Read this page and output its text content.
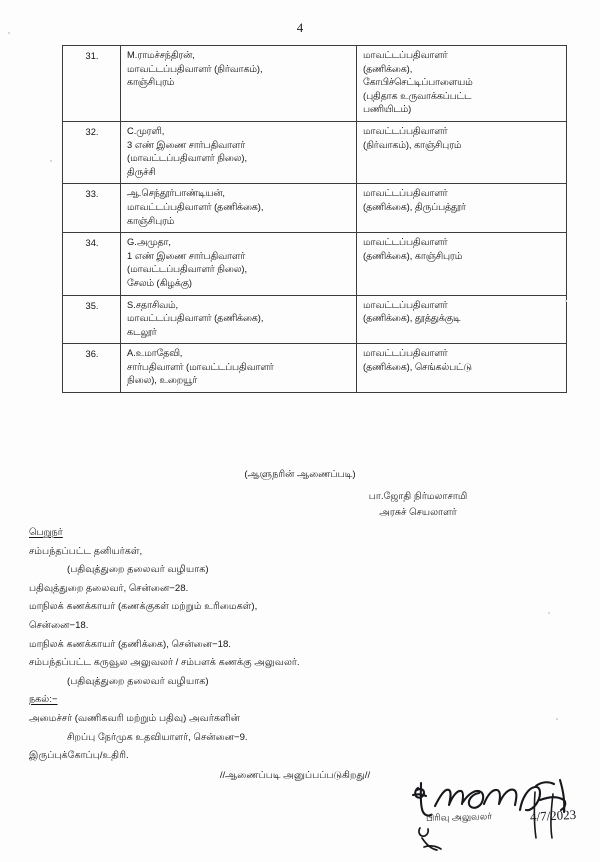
4
31.	M.ராமச்சந்திரன்,
மாவட்டப்பதிவாளர் (நிர்வாகம்),
காஞ்சிபுரம்	மாவட்டப்பதிவாளர்
(தணிக்கை),
கோபிச்செட்டிப்பாளையம்
(புதிதாக உருவாக்கப்பட்ட
பணியிடம்)

32.	C.முரளி,
3 எண் இணை சார்பதிவாளர்
(மாவட்டப்பதிவாளர் நிலை),
திருச்சி	மாவட்டப்பதிவாளர்
(நிர்வாகம்), காஞ்சிபுரம்

33.	ஆ.செந்தூர்பாண்டியன்,
மாவட்டப்பதிவாளர் (தணிக்கை),
காஞ்சிபுரம்	மாவட்டப்பதிவாளர்
(தணிக்கை), திருப்பத்தூர்

34.	G.அமுதா,
1 எண் இணை சார்பதிவாளர்
(மாவட்டப்பதிவாளர் நிலை),
சேலம் (கிழக்கு)	மாவட்டப்பதிவாளர்
(தணிக்கை), காஞ்சிபுரம்

35.	S.சதாசிவம்,
மாவட்டப்பதிவாளர் (தணிக்கை),
கடலூர்	மாவட்டப்பதிவாளர்
(தணிக்கை), தூத்துக்குடி

36.	A.உமாதேவி,
சார்பதிவாளர் (மாவட்டப்பதிவாளர்
நிலை), உறையூர்	மாவட்டப்பதிவாளர்
(தணிக்கை), செங்கல்பட்டு
(ஆளுநரின் ஆணைப்படி)
பா.ஜோதி நிர்மலாசாமி
அரசுச் செயலாளர்
பெறுநர்
சம்பந்தப்பட்ட தனியர்கள்,
(பதிவுத்துறை தலைவர் வழியாக)
பதிவுத்துறை தலைவர், சென்னை−28.
மாநிலக் கணக்காயர் (கணக்குகள் மற்றும் உரிமைகள்),
சென்னை−18.
மாநிலக் கணக்காயர் (தணிக்கை), சென்னை−18.
சம்பந்தப்பட்ட கருவூல அலுவலர் / சம்பளக் கணக்கு அலுவலர்.
(பதிவுத்துறை தலைவர் வழியாக)
நகல்:−
அமைச்சர் (வணிகவரி மற்றும் பதிவு) அவர்களின்
சிறப்பு நேர்முக உதவியாளர், சென்னை−9.
இருப்புக்கோப்பு/உதிரி.
//ஆணைப்படி அனுப்பப்படுகிறது//
பிரிவு அலுவலர்	4/7/2023
